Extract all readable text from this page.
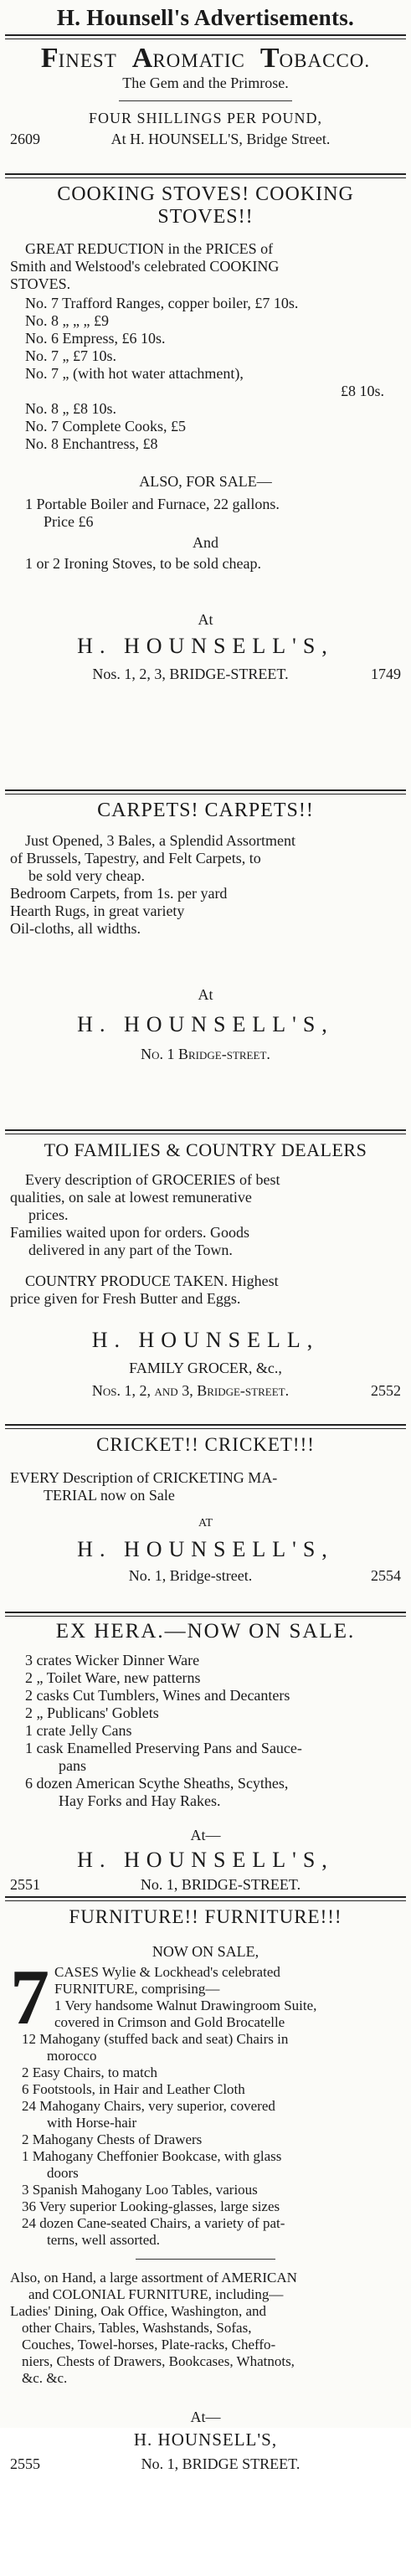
H. Hounsell's Advertisements.
FINEST AROMATIC TOBACCO.
The Gem and the Primrose.
FOUR SHILLINGS PER POUND,
2609	At H. HOUNSELL'S, Bridge Street.
COOKING STOVES! COOKING
STOVES!!
GREAT REDUCTION in the PRICES of
Smith and Welstood's celebrated COOKING
STOVES.
No. 7 Trafford Ranges, copper boiler, £7 10s.
No. 8 „ „ „ £9
No. 6 Empress, £6 10s.
No. 7 „ £7 10s.
No. 7 „ (with hot water attachment),
£8 10s.
No. 8 „ £8 10s.
No. 7 Complete Cooks, £5
No. 8 Enchantress, £8
ALSO, FOR SALE—
1 Portable Boiler and Furnace, 22 gallons.
Price £6
And
1 or 2 Ironing Stoves, to be sold cheap.
At
H. HOUNSELL'S,
Nos. 1, 2, 3, BRIDGE-STREET.	1749
CARPETS! CARPETS!!
Just Opened, 3 Bales, a Splendid Assortment
of Brussels, Tapestry, and Felt Carpets, to
be sold very cheap.
Bedroom Carpets, from 1s. per yard
Hearth Rugs, in great variety
Oil-cloths, all widths.
At
H. HOUNSELL'S,
No. 1 Bridge-street.
TO FAMILIES & COUNTRY DEALERS
Every description of GROCERIES of best
qualities, on sale at lowest remunerative
prices.
Families waited upon for orders. Goods
delivered in any part of the Town.
COUNTRY PRODUCE TAKEN. Highest
price given for Fresh Butter and Eggs.
H. HOUNSELL,
FAMILY GROCER, &c.,
Nos. 1, 2, and 3, Bridge-street.	2552
CRICKET!! CRICKET!!!
EVERY Description of CRICKETING MA-
TERIAL now on Sale
AT
H. HOUNSELL'S,
No. 1, Bridge-street.	2554
EX HERA.—NOW ON SALE.
3 crates Wicker Dinner Ware
2 „ Toilet Ware, new patterns
2 casks Cut Tumblers, Wines and Decanters
2 „ Publicans' Goblets
1 crate Jelly Cans
1 cask Enamelled Preserving Pans and Sauce-
pans
6 dozen American Scythe Sheaths, Scythes,
Hay Forks and Hay Rakes.
At—
H. HOUNSELL'S,
2551	No. 1, BRIDGE-STREET.
FURNITURE!! FURNITURE!!!
NOW ON SALE,
7 CASES Wylie & Lockhead's celebrated
FURNITURE, comprising—
1 Very handsome Walnut Drawingroom Suite,
covered in Crimson and Gold Brocatelle
12 Mahogany (stuffed back and seat) Chairs in
morocco
2 Easy Chairs, to match
6 Footstools, in Hair and Leather Cloth
24 Mahogany Chairs, very superior, covered
with Horse-hair
2 Mahogany Chests of Drawers
1 Mahogany Cheffonier Bookcase, with glass
doors
3 Spanish Mahogany Loo Tables, various
36 Very superior Looking-glasses, large sizes
24 dozen Cane-seated Chairs, a variety of pat-
terns, well assorted.
Also, on Hand, a large assortment of AMERICAN
and COLONIAL FURNITURE, including—
Ladies' Dining, Oak Office, Washington, and
other Chairs, Tables, Washstands, Sofas,
Couches, Towel-horses, Plate-racks, Cheffo-
niers, Chests of Drawers, Bookcases, Whatnots,
&c. &c.
At—
H. HOUNSELL'S,
2555	No. 1, BRIDGE STREET.
